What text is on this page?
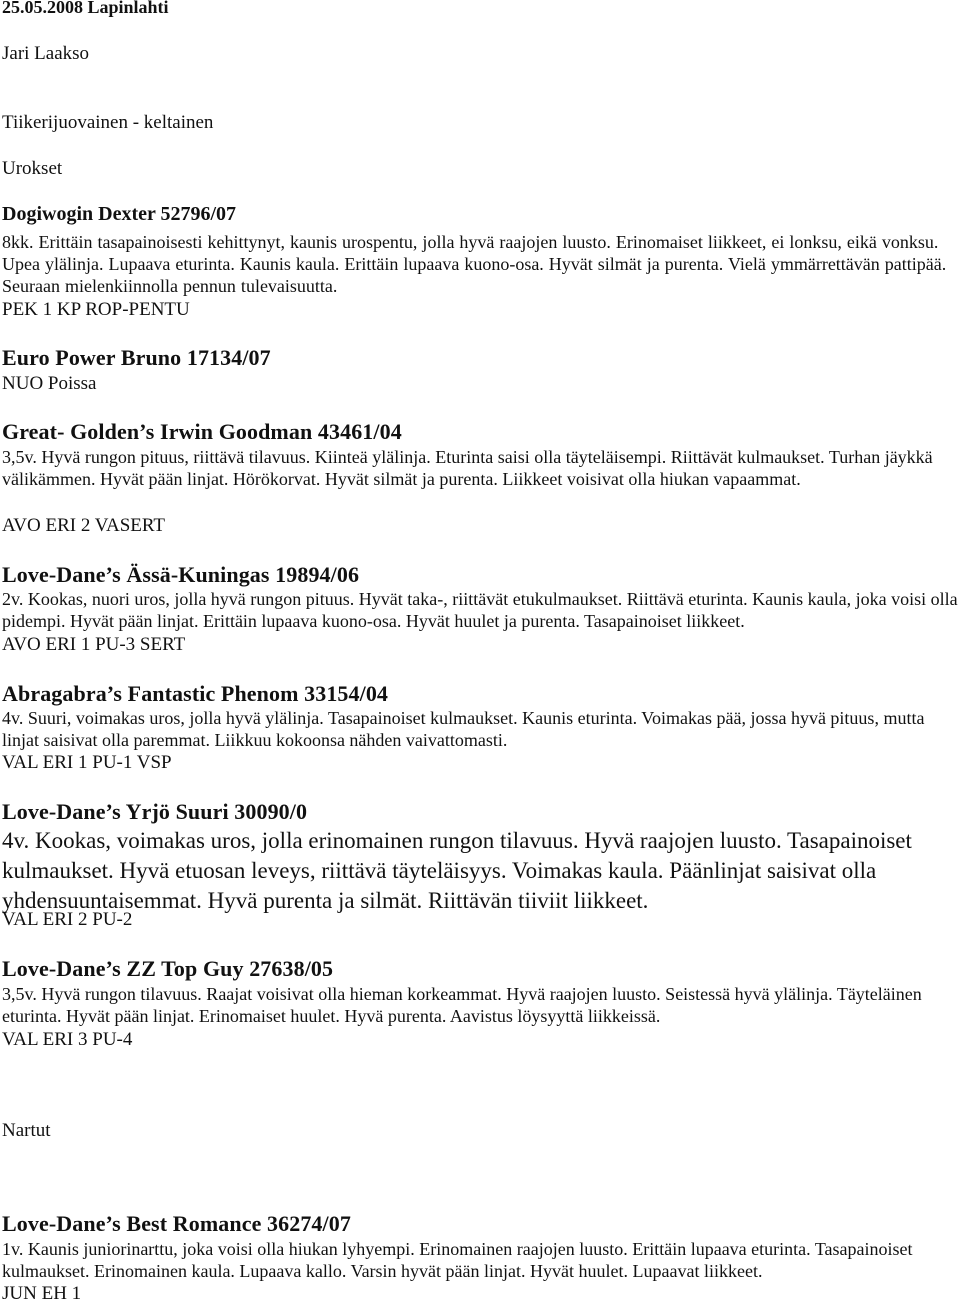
25.05.2008 Lapinlahti
Jari Laakso
Tiikerijuovainen - keltainen
Urokset
Dogiwogin Dexter 52796/07
8kk. Erittäin tasapainoisesti kehittynyt, kaunis urospentu, jolla hyvä raajojen luusto. Erinomaiset liikkeet, ei lonksu, eikä vonksu. Upea ylälinja. Lupaava eturinta. Kaunis kaula. Erittäin lupaava kuono-osa. Hyvät silmät ja purenta. Vielä ymmärrettävän pattipää. Seuraan mielenkiinnolla pennun tulevaisuutta.
PEK 1 KP ROP-PENTU
Euro Power Bruno 17134/07
NUO Poissa
Great- Golden’s Irwin Goodman 43461/04
3,5v. Hyvä rungon pituus, riittävä tilavuus. Kiinteä ylälinja. Eturinta saisi olla täyteläisempi. Riittävät kulmaukset. Turhan jäykkä välikämmen. Hyvät pään linjat. Hörökorvat. Hyvät silmät ja purenta. Liikkeet voisivat olla hiukan vapaammat.
AVO ERI 2 VASERT
Love-Dane’s Ässä-Kuningas 19894/06
2v. Kookas, nuori uros, jolla hyvä rungon pituus. Hyvät taka-, riittävät etukulmaukset. Riittävä eturinta. Kaunis kaula, joka voisi olla pidempi. Hyvät pään linjat. Erittäin lupaava kuono-osa. Hyvät huulet ja purenta. Tasapainoiset liikkeet.
AVO ERI 1 PU-3 SERT
Abragabra’s Fantastic Phenom 33154/04
4v. Suuri, voimakas uros, jolla hyvä ylälinja. Tasapainoiset kulmaukset. Kaunis eturinta. Voimakas pää, jossa hyvä pituus, mutta linjat saisivat olla paremmat. Liikkuu kokoonsa nähden vaivattomasti.
VAL ERI 1 PU-1 VSP
Love-Dane’s Yrjö Suuri 30090/0
4v. Kookas, voimakas uros, jolla erinomainen rungon tilavuus. Hyvä raajojen luusto. Tasapainoiset kulmaukset. Hyvä etuosan leveys, riittävä täyteläisyys. Voimakas kaula. Päänlinjat saisivat olla yhdensuuntaisemmat. Hyvä purenta ja silmät. Riittävän tiiviit liikkeet.
VAL ERI 2 PU-2
Love-Dane’s ZZ Top Guy 27638/05
3,5v. Hyvä rungon tilavuus. Raajat voisivat olla hieman korkeammat. Hyvä raajojen luusto. Seistessä hyvä ylälinja. Täyteläinen eturinta. Hyvät pään linjat. Erinomaiset huulet. Hyvä purenta. Aavistus löysyyttä liikkeissä.
VAL ERI 3 PU-4
Nartut
Love-Dane’s Best Romance 36274/07
1v. Kaunis juniorinarttu, joka voisi olla hiukan lyhyempi. Erinomainen raajojen luusto. Erittäin lupaava eturinta. Tasapainoiset kulmaukset. Erinomainen kaula. Lupaava kallo. Varsin hyvät pään linjat. Hyvät huulet. Lupaavat liikkeet.
JUN EH 1
